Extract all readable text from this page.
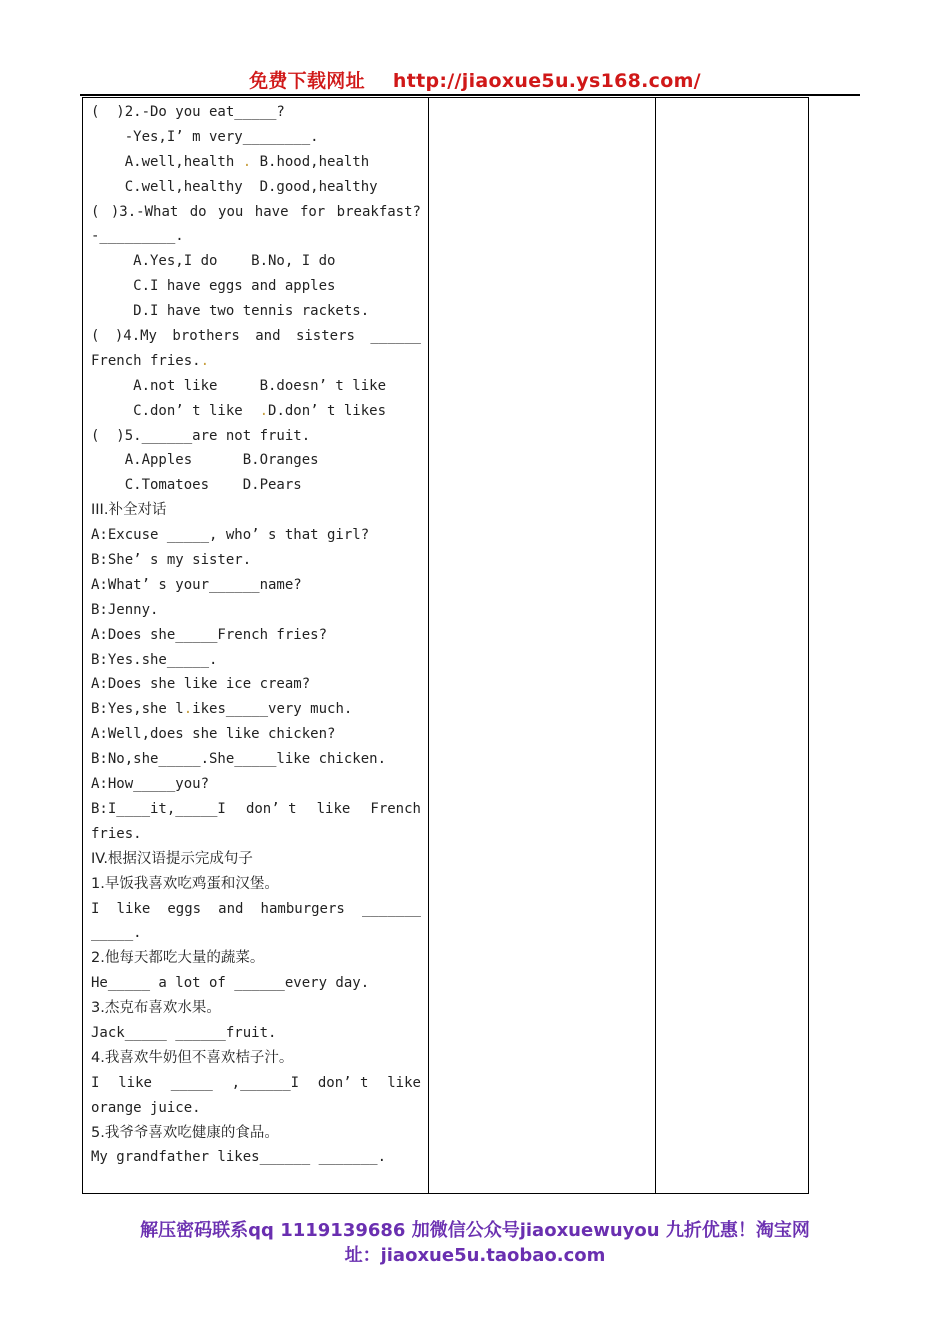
免费下载网址 http://jiaoxue5u.ys168.com/
(  )2.-Do you eat_____?
-Yes,I’ m very________.
A.well,health . B.hood,health
C.well,healthy  D.good,healthy
( )3.-What do you have for breakfast?
-_________.
A.Yes,I do    B.No, I do
C.I have eggs and apples
D.I have two tennis rackets.
( )4.My brothers and sisters ______
French fries..
A.not like     B.doesn’ t like
C.don’ t like  .D.don’ t likes
(  )5.______are not fruit.
A.Apples      B.Oranges
C.Tomatoes    D.Pears
III.补全对话
A:Excuse _____, who’ s that girl?
B:She’ s my sister.
A:What’ s your______name?
B:Jenny.
A:Does she_____French fries?
B:Yes.she_____.
A:Does she like ice cream?
B:Yes,she l.ikes_____very much.
A:Well,does she like chicken?
B:No,she_____.She_____like chicken.
A:How_____you?
B:I____it,_____I don’ t like French
fries.
IV.根据汉语提示完成句子
1.早饭我喜欢吃鸡蛋和汉堡。
I like eggs and hamburgers _______
_____.
2.他每天都吃大量的蔬菜。
He_____ a lot of ______every day.
3.杰克布喜欢水果。
Jack_____ ______fruit.
4.我喜欢牛奶但不喜欢桔子汁。
I like _____ ,______I don’ t like
orange juice.
5.我爷爷喜欢吃健康的食品。
My grandfather likes______ _______.
解压密码联系qq 1119139686 加微信公众号jiaoxuewuyou 九折优惠！淘宝网
址：jiaoxue5u.taobao.com
